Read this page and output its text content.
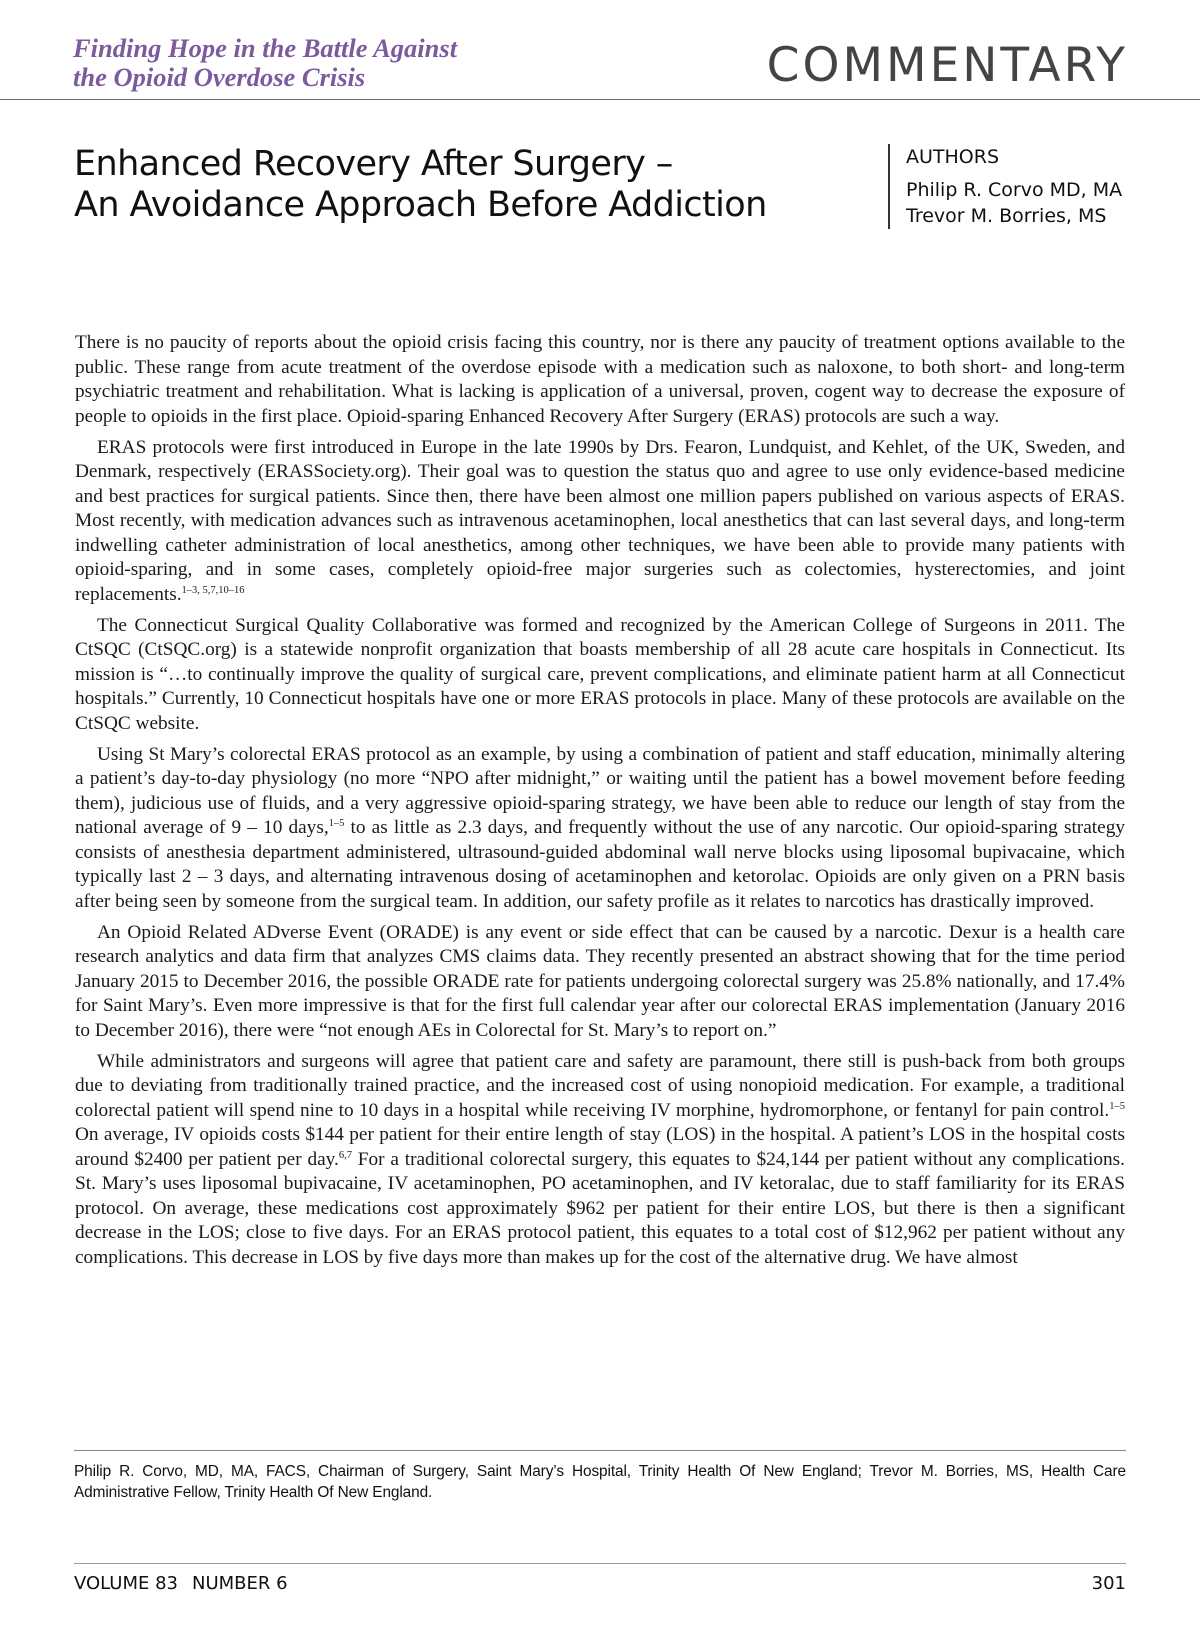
Finding Hope in the Battle Against
the Opioid Overdose Crisis	COMMENTARY
Enhanced Recovery After Surgery –
An Avoidance Approach Before Addiction
AUTHORS
Philip R. Corvo MD, MA
Trevor M. Borries, MS

There is no paucity of reports about the opioid crisis facing this country, nor is there any paucity of treatment options available to the public. These range from acute treatment of the overdose episode with a medication such as naloxone, to both short- and long-term psychiatric treatment and rehabilitation. What is lacking is application of a universal, proven, cogent way to decrease the exposure of people to opioids in the first place. Opioid-sparing Enhanced Recovery After Surgery (ERAS) protocols are such a way.

ERAS protocols were first introduced in Europe in the late 1990s by Drs. Fearon, Lundquist, and Kehlet, of the UK, Sweden, and Denmark, respectively (ERASSociety.org). Their goal was to question the status quo and agree to use only evidence-based medicine and best practices for surgical patients. Since then, there have been almost one million papers published on various aspects of ERAS. Most recently, with medication advances such as intravenous acetaminophen, local anesthetics that can last several days, and long-term indwelling catheter administration of local anesthetics, among other techniques, we have been able to provide many patients with opioid-sparing, and in some cases, completely opioid-free major surgeries such as colectomies, hysterectomies, and joint replacements.$^{1-3, 5,7,10-16}$

The Connecticut Surgical Quality Collaborative was formed and recognized by the American College of Surgeons in 2011. The CtSQC (CtSQC.org) is a statewide nonprofit organization that boasts membership of all 28 acute care hospitals in Connecticut. Its mission is “…to continually improve the quality of surgical care, prevent complications, and eliminate patient harm at all Connecticut hospitals.” Currently, 10 Connecticut hospitals have one or more ERAS protocols in place. Many of these protocols are available on the CtSQC website.

Using St Mary’s colorectal ERAS protocol as an example, by using a combination of patient and staff education, minimally altering a patient’s day-to-day physiology (no more “NPO after midnight,” or waiting until the patient has a bowel movement before feeding them), judicious use of fluids, and a very aggressive opioid-sparing strategy, we have been able to reduce our length of stay from the national average of 9 – 10 days,$^{1-5}$ to as little as 2.3 days, and frequently without the use of any narcotic. Our opioid-sparing strategy consists of anesthesia department administered, ultrasound-guided abdominal wall nerve blocks using liposomal bupivacaine, which typically last 2 – 3 days, and alternating intravenous dosing of acetaminophen and ketorolac. Opioids are only given on a PRN basis after being seen by someone from the surgical team. In addition, our safety profile as it relates to narcotics has drastically improved.

An Opioid Related ADverse Event (ORADE) is any event or side effect that can be caused by a narcotic. Dexur is a health care research analytics and data firm that analyzes CMS claims data. They recently presented an abstract showing that for the time period January 2015 to December 2016, the possible ORADE rate for patients undergoing colorectal surgery was 25.8% nationally, and 17.4% for Saint Mary’s. Even more impressive is that for the first full calendar year after our colorectal ERAS implementation (January 2016 to December 2016), there were “not enough AEs in Colorectal for St. Mary’s to report on.”

While administrators and surgeons will agree that patient care and safety are paramount, there still is push-back from both groups due to deviating from traditionally trained practice, and the increased cost of using nonopioid medication. For example, a traditional colorectal patient will spend nine to 10 days in a hospital while receiving IV morphine, hydromorphone, or fentanyl for pain control.$^{1-5}$ On average, IV opioids costs $144 per patient for their entire length of stay (LOS) in the hospital. A patient’s LOS in the hospital costs around $2400 per patient per day.$^{6,7}$ For a traditional colorectal surgery, this equates to $24,144 per patient without any complications. St. Mary’s uses liposomal bupivacaine, IV acetaminophen, PO acetaminophen, and IV ketoralac, due to staff familiarity for its ERAS protocol. On average, these medications cost approximately $962 per patient for their entire LOS, but there is then a significant decrease in the LOS; close to five days. For an ERAS protocol patient, this equates to a total cost of $12,962 per patient without any complications. This decrease in LOS by five days more than makes up for the cost of the alternative drug. We have almost

Philip R. Corvo, MD, MA, FACS, Chairman of Surgery, Saint Mary’s Hospital, Trinity Health Of New England; Trevor M. Borries, MS, Health Care Administrative Fellow, Trinity Health Of New England.
VOLUME 83 NUMBER 6	301
